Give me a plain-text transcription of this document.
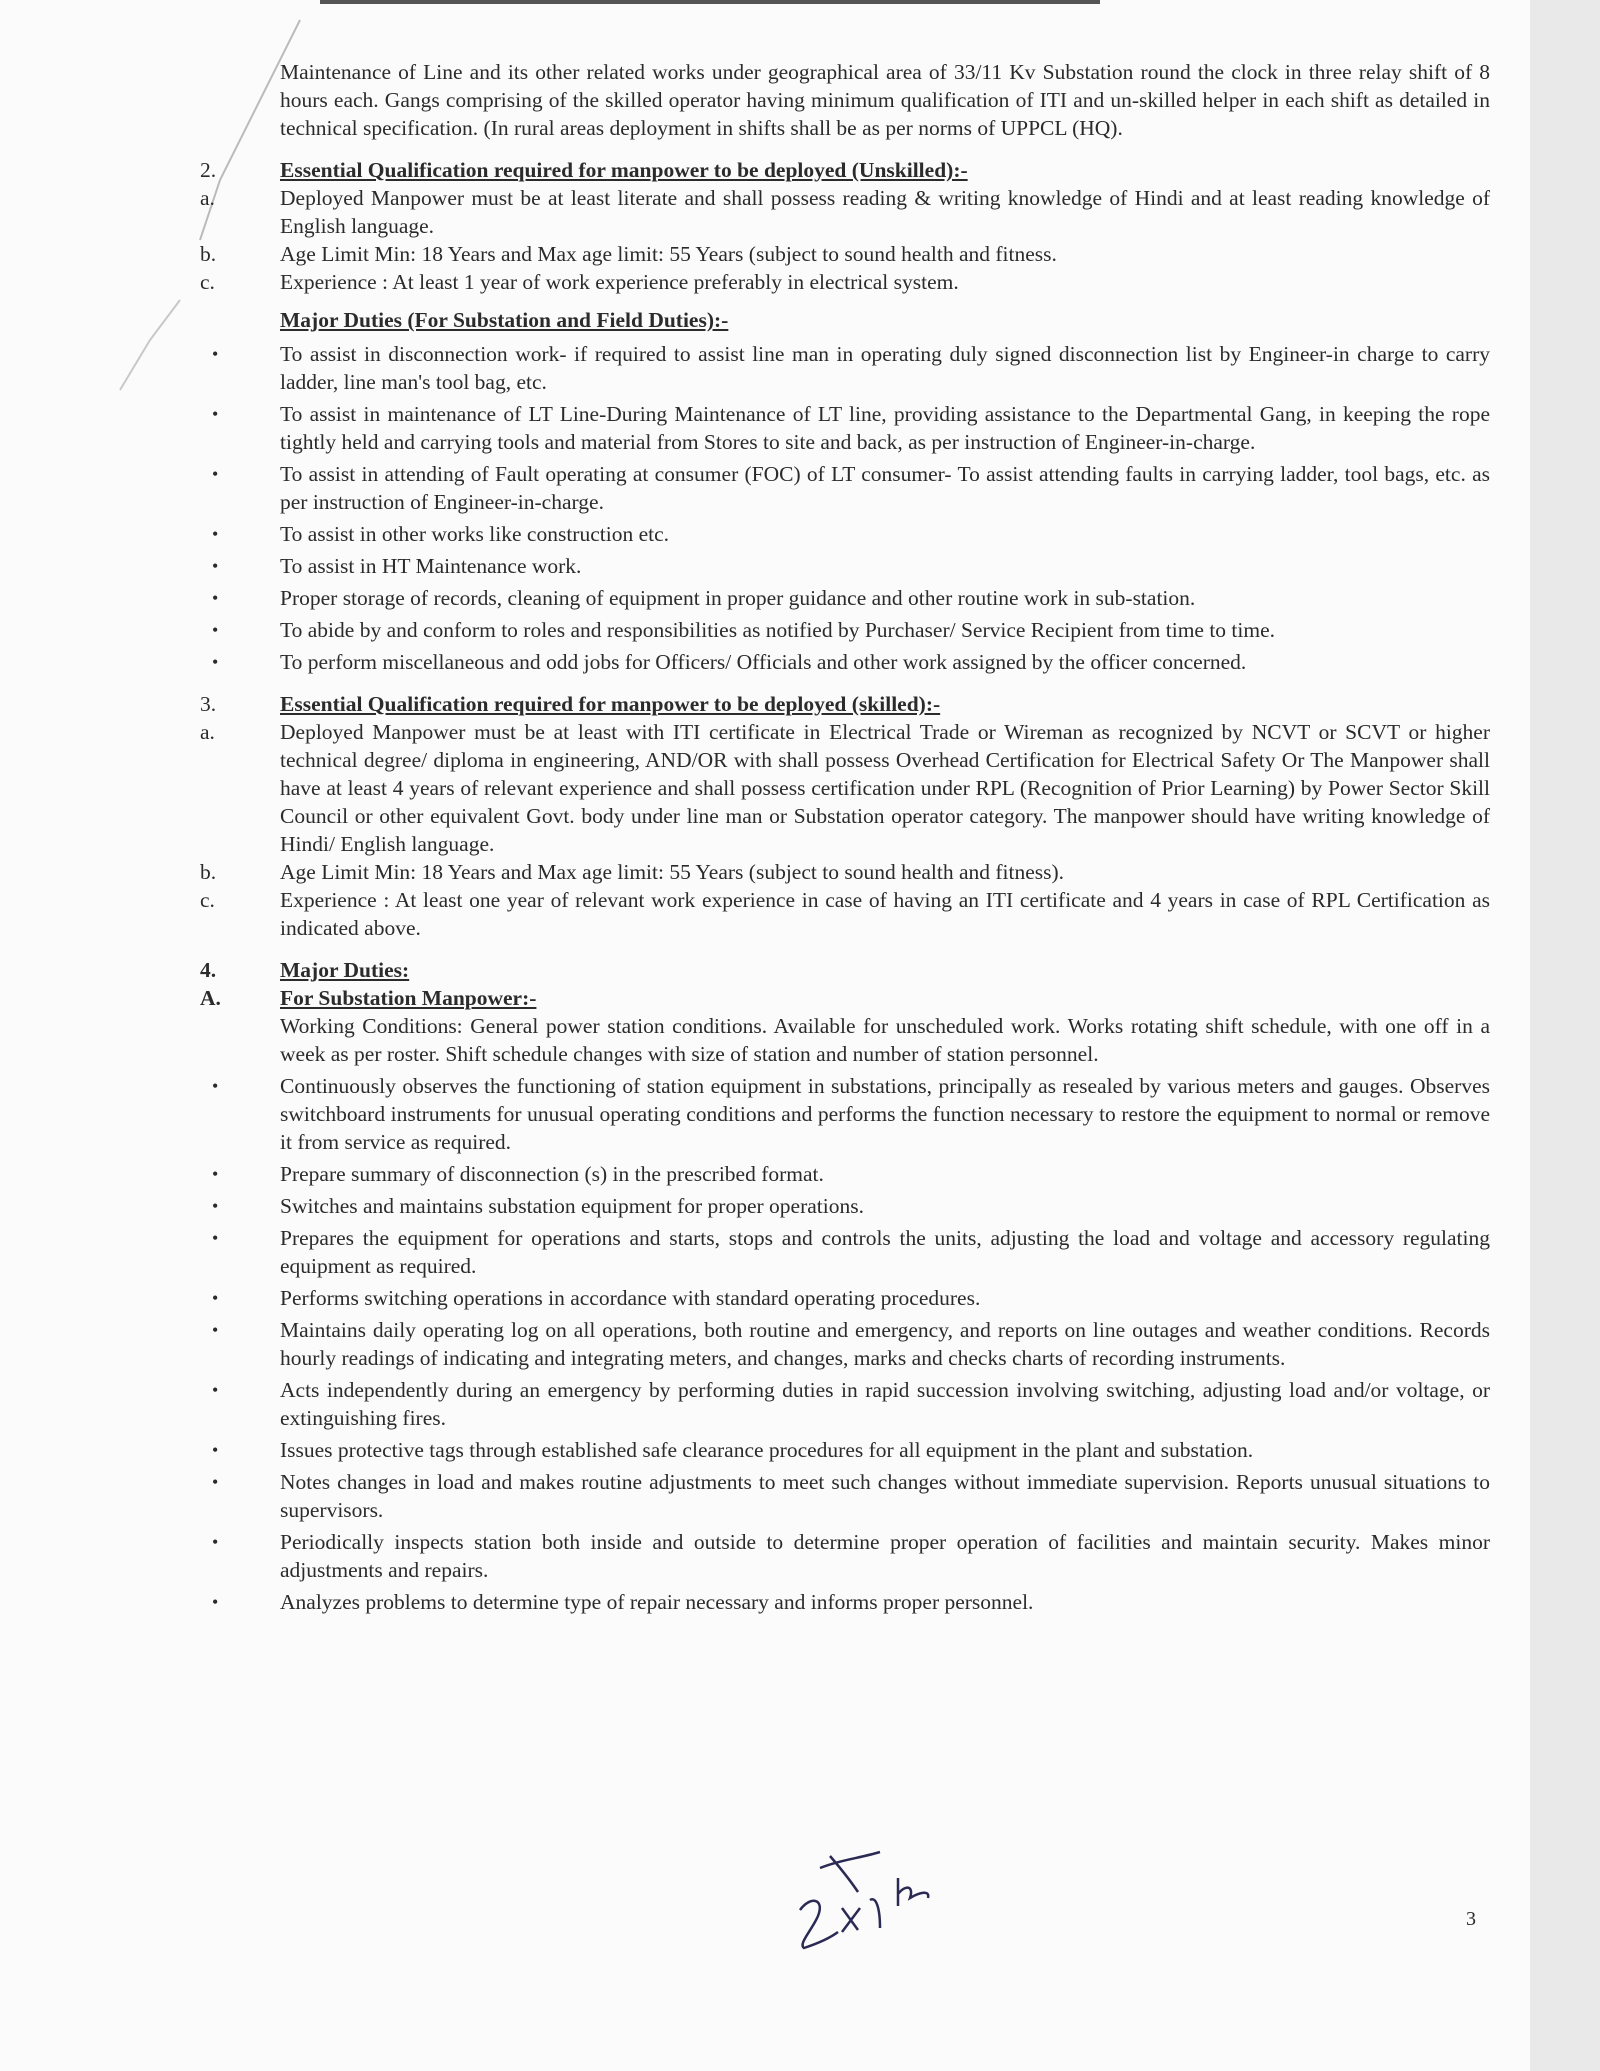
Maintenance of Line and its other related works under geographical area of 33/11 Kv Substation round the clock in three relay shift of 8 hours each. Gangs comprising of the skilled operator having minimum qualification of ITI and un-skilled helper in each shift as detailed in technical specification. (In rural areas deployment in shifts shall be as per norms of UPPCL (HQ).

2.	Essential Qualification required for manpower to be deployed (Unskilled):-
a.	Deployed Manpower must be at least literate and shall possess reading & writing knowledge of Hindi and at least reading knowledge of English language.
b.	Age Limit Min: 18 Years and Max age limit: 55 Years (subject to sound health and fitness.
c.	Experience : At least 1 year of work experience preferably in electrical system.
Major Duties (For Substation and Field Duties):-
•	To assist in disconnection work- if required to assist line man in operating duly signed disconnection list by Engineer-in charge to carry ladder, line man's tool bag, etc.
•	To assist in maintenance of LT Line-During Maintenance of LT line, providing assistance to the Departmental Gang, in keeping the rope tightly held and carrying tools and material from Stores to site and back, as per instruction of Engineer-in-charge.
•	To assist in attending of Fault operating at consumer (FOC) of LT consumer- To assist attending faults in carrying ladder, tool bags, etc. as per instruction of Engineer-in-charge.
•	To assist in other works like construction etc.
•	To assist in HT Maintenance work.
•	Proper storage of records, cleaning of equipment in proper guidance and other routine work in sub-station.
•	To abide by and conform to roles and responsibilities as notified by Purchaser/ Service Recipient from time to time.
•	To perform miscellaneous and odd jobs for Officers/ Officials and other work assigned by the officer concerned.
3.	Essential Qualification required for manpower to be deployed (skilled):-
a.	Deployed Manpower must be at least with ITI certificate in Electrical Trade or Wireman as recognized by NCVT or SCVT or higher technical degree/ diploma in engineering, AND/OR with shall possess Overhead Certification for Electrical Safety Or The Manpower shall have at least 4 years of relevant experience and shall possess certification under RPL (Recognition of Prior Learning) by Power Sector Skill Council or other equivalent Govt. body under line man or Substation operator category. The manpower should have writing knowledge of Hindi/ English language.
b.	Age Limit Min: 18 Years and Max age limit: 55 Years (subject to sound health and fitness).
c.	Experience : At least one year of relevant work experience in case of having an ITI certificate and 4 years in case of RPL Certification as indicated above.
4.	Major Duties:
A.	For Substation Manpower:-
Working Conditions: General power station conditions. Available for unscheduled work. Works rotating shift schedule, with one off in a week as per roster. Shift schedule changes with size of station and number of station personnel.
•	Continuously observes the functioning of station equipment in substations, principally as resealed by various meters and gauges. Observes switchboard instruments for unusual operating conditions and performs the function necessary to restore the equipment to normal or remove it from service as required.
•	Prepare summary of disconnection (s) in the prescribed format.
•	Switches and maintains substation equipment for proper operations.
•	Prepares the equipment for operations and starts, stops and controls the units, adjusting the load and voltage and accessory regulating equipment as required.
•	Performs switching operations in accordance with standard operating procedures.
•	Maintains daily operating log on all operations, both routine and emergency, and reports on line outages and weather conditions. Records hourly readings of indicating and integrating meters, and changes, marks and checks charts of recording instruments.
•	Acts independently during an emergency by performing duties in rapid succession involving switching, adjusting load and/or voltage, or extinguishing fires.
•	Issues protective tags through established safe clearance procedures for all equipment in the plant and substation.
•	Notes changes in load and makes routine adjustments to meet such changes without immediate supervision. Reports unusual situations to supervisors.
•	Periodically inspects station both inside and outside to determine proper operation of facilities and maintain security. Makes minor adjustments and repairs.
•	Analyzes problems to determine type of repair necessary and informs proper personnel.
3
